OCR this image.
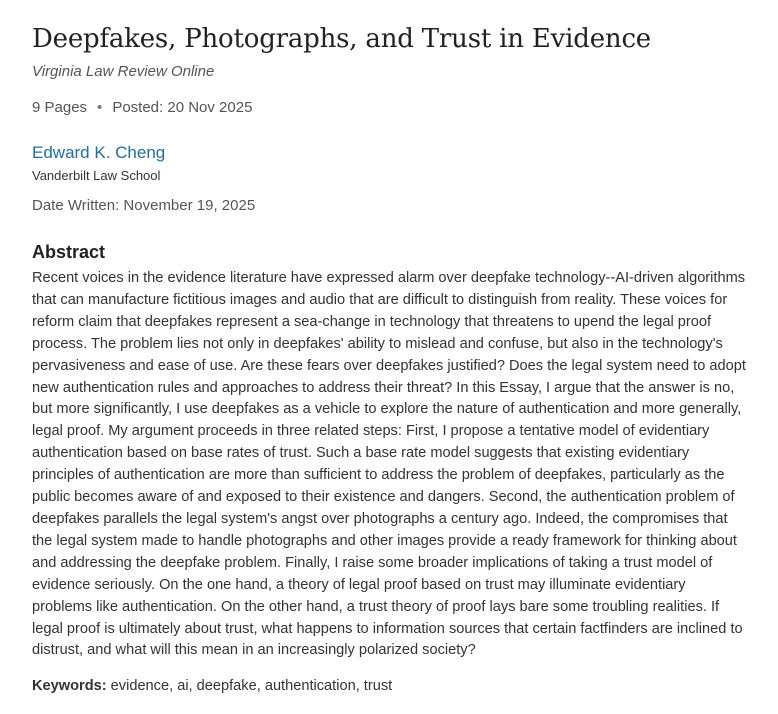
Deepfakes, Photographs, and Trust in Evidence
Virginia Law Review Online
9 Pages • Posted: 20 Nov 2025
Edward K. Cheng
Vanderbilt Law School
Date Written: November 19, 2025
Abstract
Recent voices in the evidence literature have expressed alarm over deepfake technology--AI-driven algorithms that can manufacture fictitious images and audio that are difficult to distinguish from reality. These voices for reform claim that deepfakes represent a sea-change in technology that threatens to upend the legal proof process. The problem lies not only in deepfakes' ability to mislead and confuse, but also in the technology's pervasiveness and ease of use. Are these fears over deepfakes justified? Does the legal system need to adopt new authentication rules and approaches to address their threat? In this Essay, I argue that the answer is no, but more significantly, I use deepfakes as a vehicle to explore the nature of authentication and more generally, legal proof. My argument proceeds in three related steps: First, I propose a tentative model of evidentiary authentication based on base rates of trust. Such a base rate model suggests that existing evidentiary principles of authentication are more than sufficient to address the problem of deepfakes, particularly as the public becomes aware of and exposed to their existence and dangers. Second, the authentication problem of deepfakes parallels the legal system's angst over photographs a century ago. Indeed, the compromises that the legal system made to handle photographs and other images provide a ready framework for thinking about and addressing the deepfake problem. Finally, I raise some broader implications of taking a trust model of evidence seriously. On the one hand, a theory of legal proof based on trust may illuminate evidentiary problems like authentication. On the other hand, a trust theory of proof lays bare some troubling realities. If legal proof is ultimately about trust, what happens to information sources that certain factfinders are inclined to distrust, and what will this mean in an increasingly polarized society?
Keywords: evidence, ai, deepfake, authentication, trust
